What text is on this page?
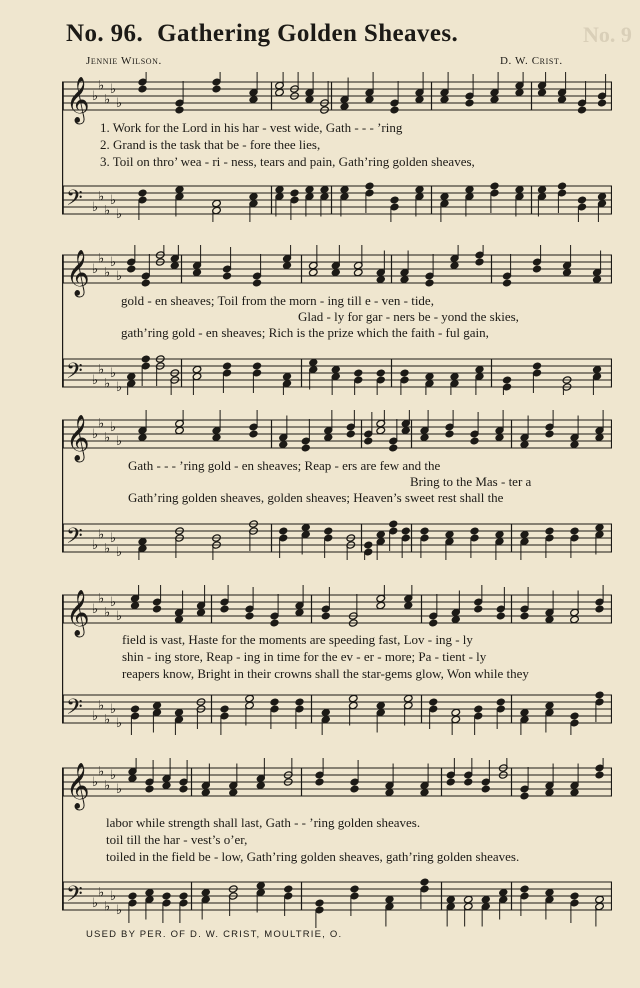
No. 96. Gathering Golden Sheaves.	No. 9
Jennie Wilson.	D. W. Crist.
𝄞 ♭
♭
♭
♭
♭
𝄢 ♭
♭
♭
♭
♭
1. Work for the Lord in his har - vest wide, Gath - - - ’ring
2. Grand is the task that be - fore thee lies,
3. Toil on thro’ wea - ri - ness, tears and pain, Gath’ring golden sheaves,
𝄞 ♭
♭
♭
♭
♭
𝄢 ♭
♭
♭
♭
♭
gold - en sheaves; Toil from the morn - ing till e - ven - tide,
Glad - ly for gar - ners be - yond the skies,
gath’ring gold - en sheaves; Rich is the prize which the faith - ful gain,
𝄞 ♭
♭
♭
♭
♭
𝄢 ♭
♭
♭
♭
♭
Gath - - - ’ring gold - en sheaves; Reap - ers are few and the
Bring to the Mas - ter a
Gath’ring golden sheaves, golden sheaves; Heaven’s sweet rest shall the
𝄞 ♭
♭
♭
♭
♭
𝄢 ♭
♭
♭
♭
♭
field is vast, Haste for the moments are speeding fast, Lov - ing - ly
shin - ing store, Reap - ing in time for the ev - er - more; Pa - tient - ly
reapers know, Bright in their crowns shall the star-gems glow, Won while they
𝄞 ♭
♭
♭
♭
♭
𝄢 ♭
♭
♭
♭
♭
labor while strength shall last, Gath - - ’ring golden sheaves.
toil till the har - vest’s o’er,
toiled in the field be - low, Gath’ring golden sheaves, gath’ring golden sheaves.
USED BY PER. OF D. W. CRIST, MOULTRIE, O.
